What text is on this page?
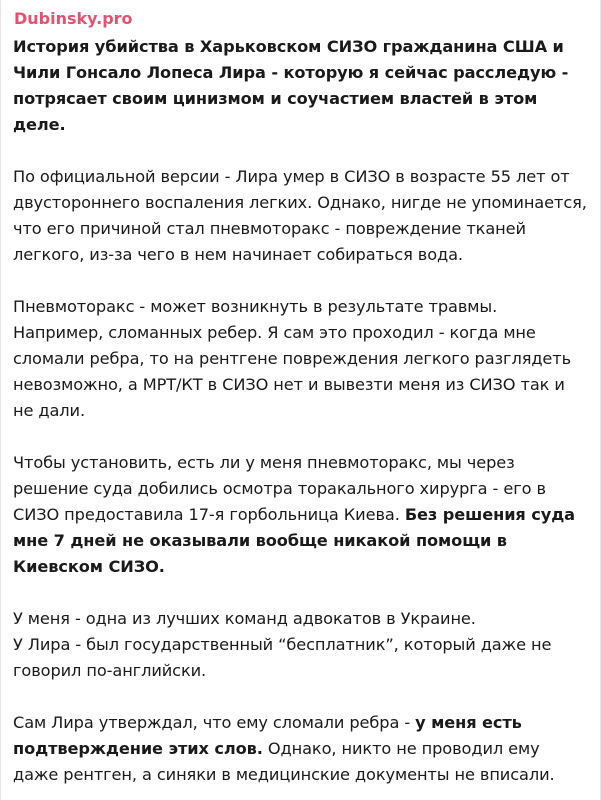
Dubinsky.pro

История убийства в Харьковском СИЗО гражданина США и Чили Гонсало Лопеса Лира - которую я сейчас расследую - потрясает своим цинизмом и соучастием властей в этом деле.

По официальной версии - Лира умер в СИЗО в возрасте 55 лет от двустороннего воспаления легких. Однако, нигде не упоминается, что его причиной стал пневмоторакс - повреждение тканей легкого, из-за чего в нем начинает собираться вода.

Пневмоторакс - может возникнуть в результате травмы. Например, сломанных ребер. Я сам это проходил - когда мне сломали ребра, то на рентгене повреждения легкого разглядеть невозможно, а МРТ/КТ в СИЗО нет и вывезти меня из СИЗО так и не дали.

Чтобы установить, есть ли у меня пневмоторакс, мы через решение суда добились осмотра торакального хирурга - его в СИЗО предоставила 17-я горбольница Киева. Без решения суда мне 7 дней не оказывали вообще никакой помощи в Киевском СИЗО.

У меня - одна из лучших команд адвокатов в Украине.
У Лира - был государственный “бесплатник”, который даже не говорил по-английски.

Сам Лира утверждал, что ему сломали ребра - у меня есть подтверждение этих слов. Однако, никто не проводил ему даже рентген, а синяки в медицинские документы не вписали.
